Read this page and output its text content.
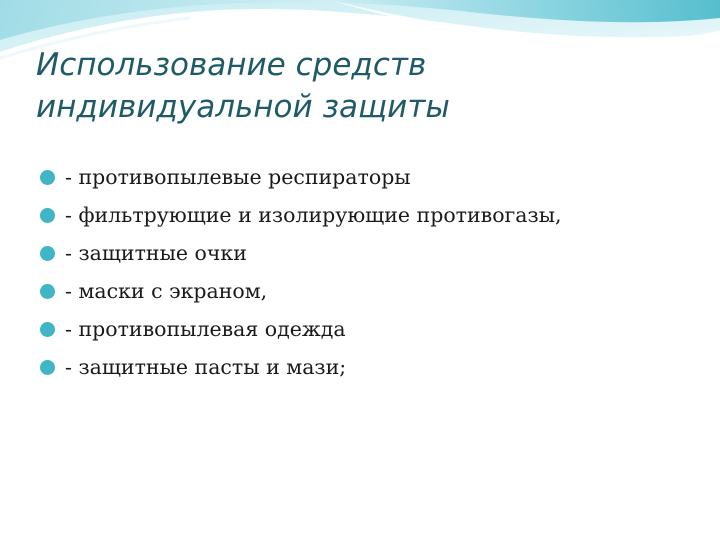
Использование средств
индивидуальной защиты
- противопылевые респираторы
- фильтрующие и изолирующие противогазы,
- защитные очки
- маски с экраном,
- противопылевая одежда
- защитные пасты и мази;
